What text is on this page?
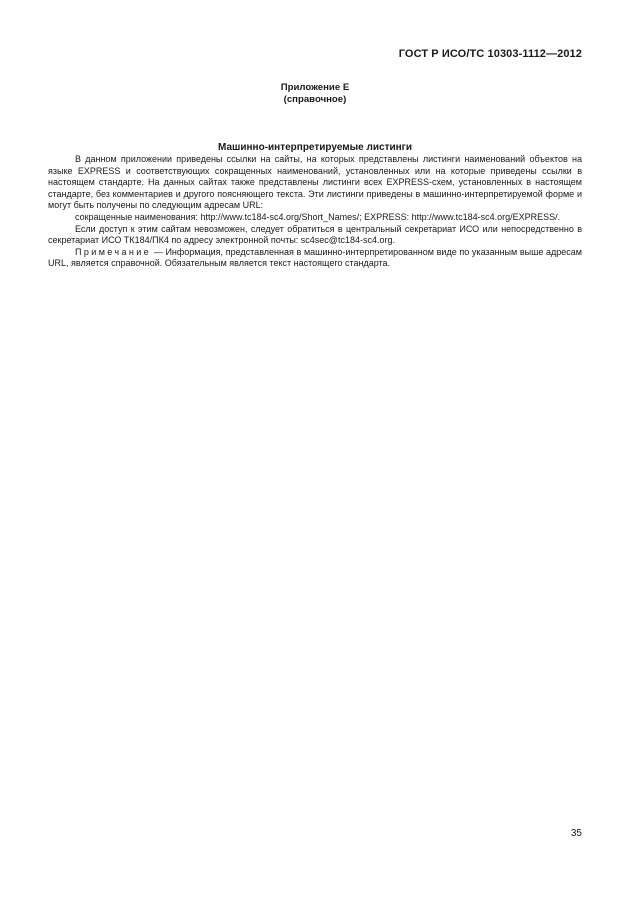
ГОСТ Р ИСО/ТС 10303-1112—2012
Приложение Е
(справочное)
Машинно-интерпретируемые листинги

В данном приложении приведены ссылки на сайты, на которых представлены листинги наименований объектов на языке EXPRESS и соответствующих сокращенных наименований, установленных или на которые приведены ссылки в настоящем стандарте. На данных сайтах также представлены листинги всех EXPRESS-схем, установленных в настоящем стандарте, без комментариев и другого поясняющего текста. Эти листинги приведены в машинно-интерпретируемой форме и могут быть получены по следующим адресам URL:

сокращенные наименования: http://www.tc184-sc4.org/Short_Names/; EXPRESS: http://www.tc184-sc4.org/EXPRESS/.

Если доступ к этим сайтам невозможен, следует обратиться в центральный секретариат ИСО или непосредственно в секретариат ИСО ТК184/ПК4 по адресу электронной почты: sc4sec@tc184-sc4.org.

Примечание — Информация, представленная в машинно-интерпретированном виде по указанным выше адресам URL, является справочной. Обязательным является текст настоящего стандарта.

35
